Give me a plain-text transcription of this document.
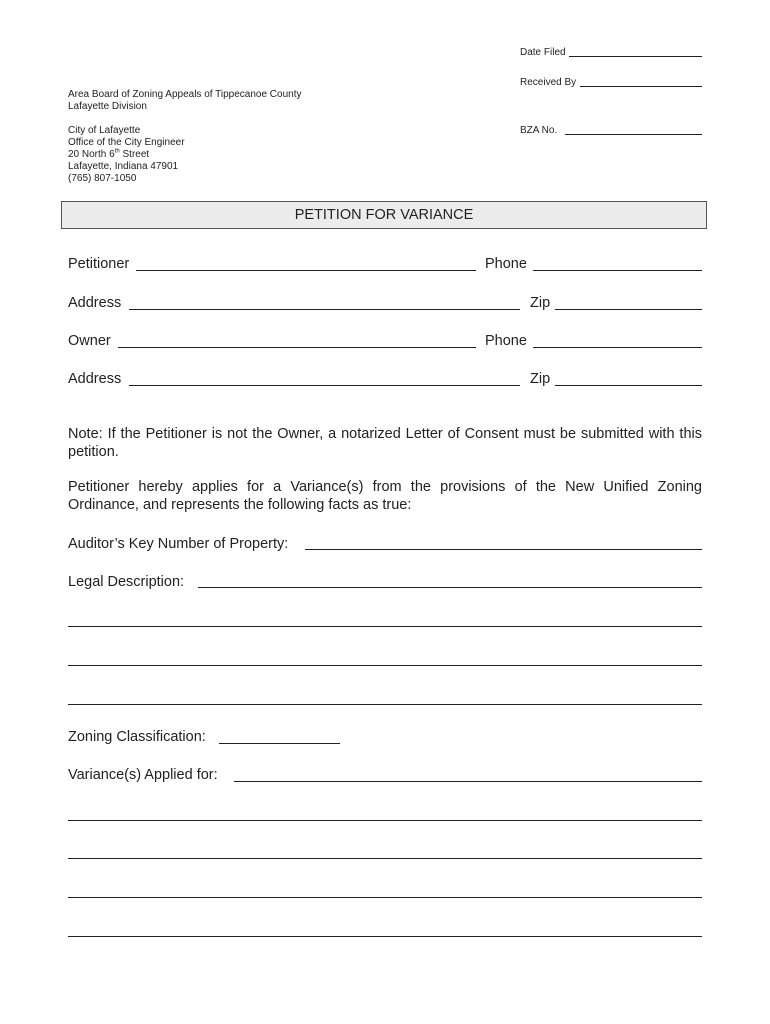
Date Filed
Received By
BZA No.
Area Board of Zoning Appeals of Tippecanoe County
Lafayette Division
City of Lafayette
Office of the City Engineer
20 North 6th Street
Lafayette, Indiana 47901
(765) 807-1050
PETITION FOR VARIANCE
Petitioner	Phone
Address	Zip
Owner	Phone
Address	Zip
Note: If the Petitioner is not the Owner, a notarized Letter of Consent must be submitted with this petition.
Petitioner hereby applies for a Variance(s) from the provisions of the New Unified Zoning Ordinance, and represents the following facts as true:
Auditor’s Key Number of Property:
Legal Description:
Zoning Classification:
Variance(s) Applied for:
